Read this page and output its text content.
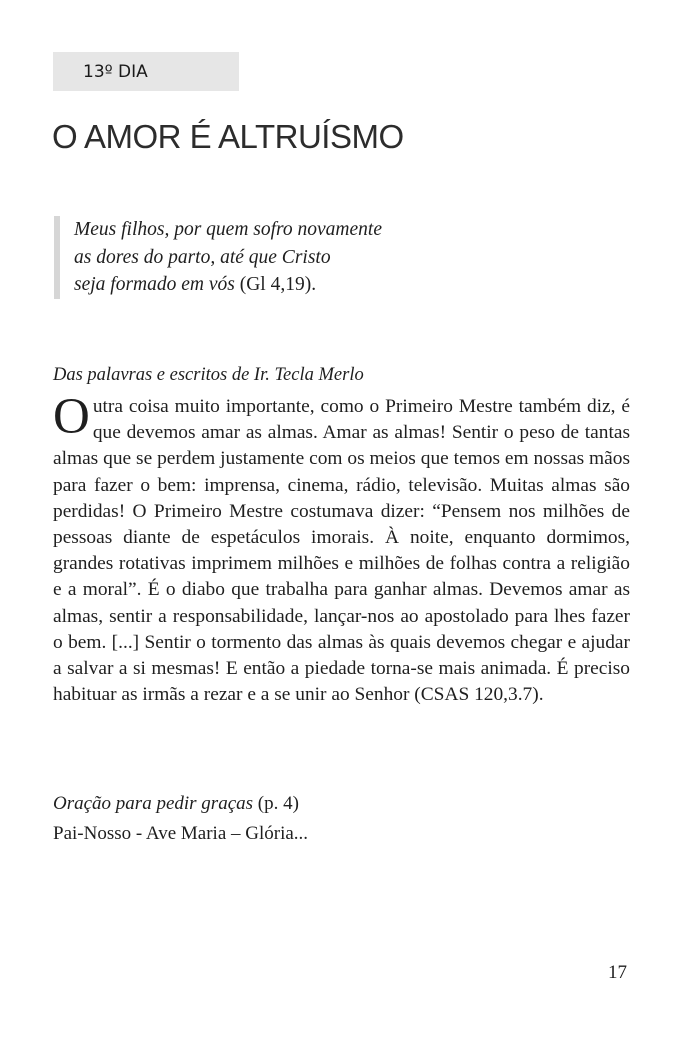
13º DIA
O AMOR É ALTRUÍSMO
Meus filhos, por quem sofro novamente
as dores do parto, até que Cristo
seja formado em vós (Gl 4,19).
Das palavras e escritos de Ir. Tecla Merlo
Outra coisa muito importante, como o Primeiro Mestre também diz, é que devemos amar as almas. Amar as almas! Sentir o peso de tantas almas que se perdem justamente com os meios que temos em nossas mãos para fazer o bem: imprensa, cinema, rádio, televisão. Muitas almas são perdidas! O Primeiro Mestre costumava dizer: “Pensem nos milhões de pessoas diante de espetáculos imorais. À noite, enquanto dormimos, grandes rotativas imprimem milhões e milhões de folhas contra a religião e a moral”. É o diabo que trabalha para ganhar almas. Devemos amar as almas, sentir a responsabilidade, lançar-nos ao apostolado para lhes fazer o bem. [...] Sentir o tormento das almas às quais devemos chegar e ajudar a salvar a si mesmas! E então a piedade torna-se mais animada. É preciso habituar as irmãs a rezar e a se unir ao Senhor (CSAS 120,3.7).
Oração para pedir graças (p. 4)
Pai-Nosso - Ave Maria – Glória...
17
